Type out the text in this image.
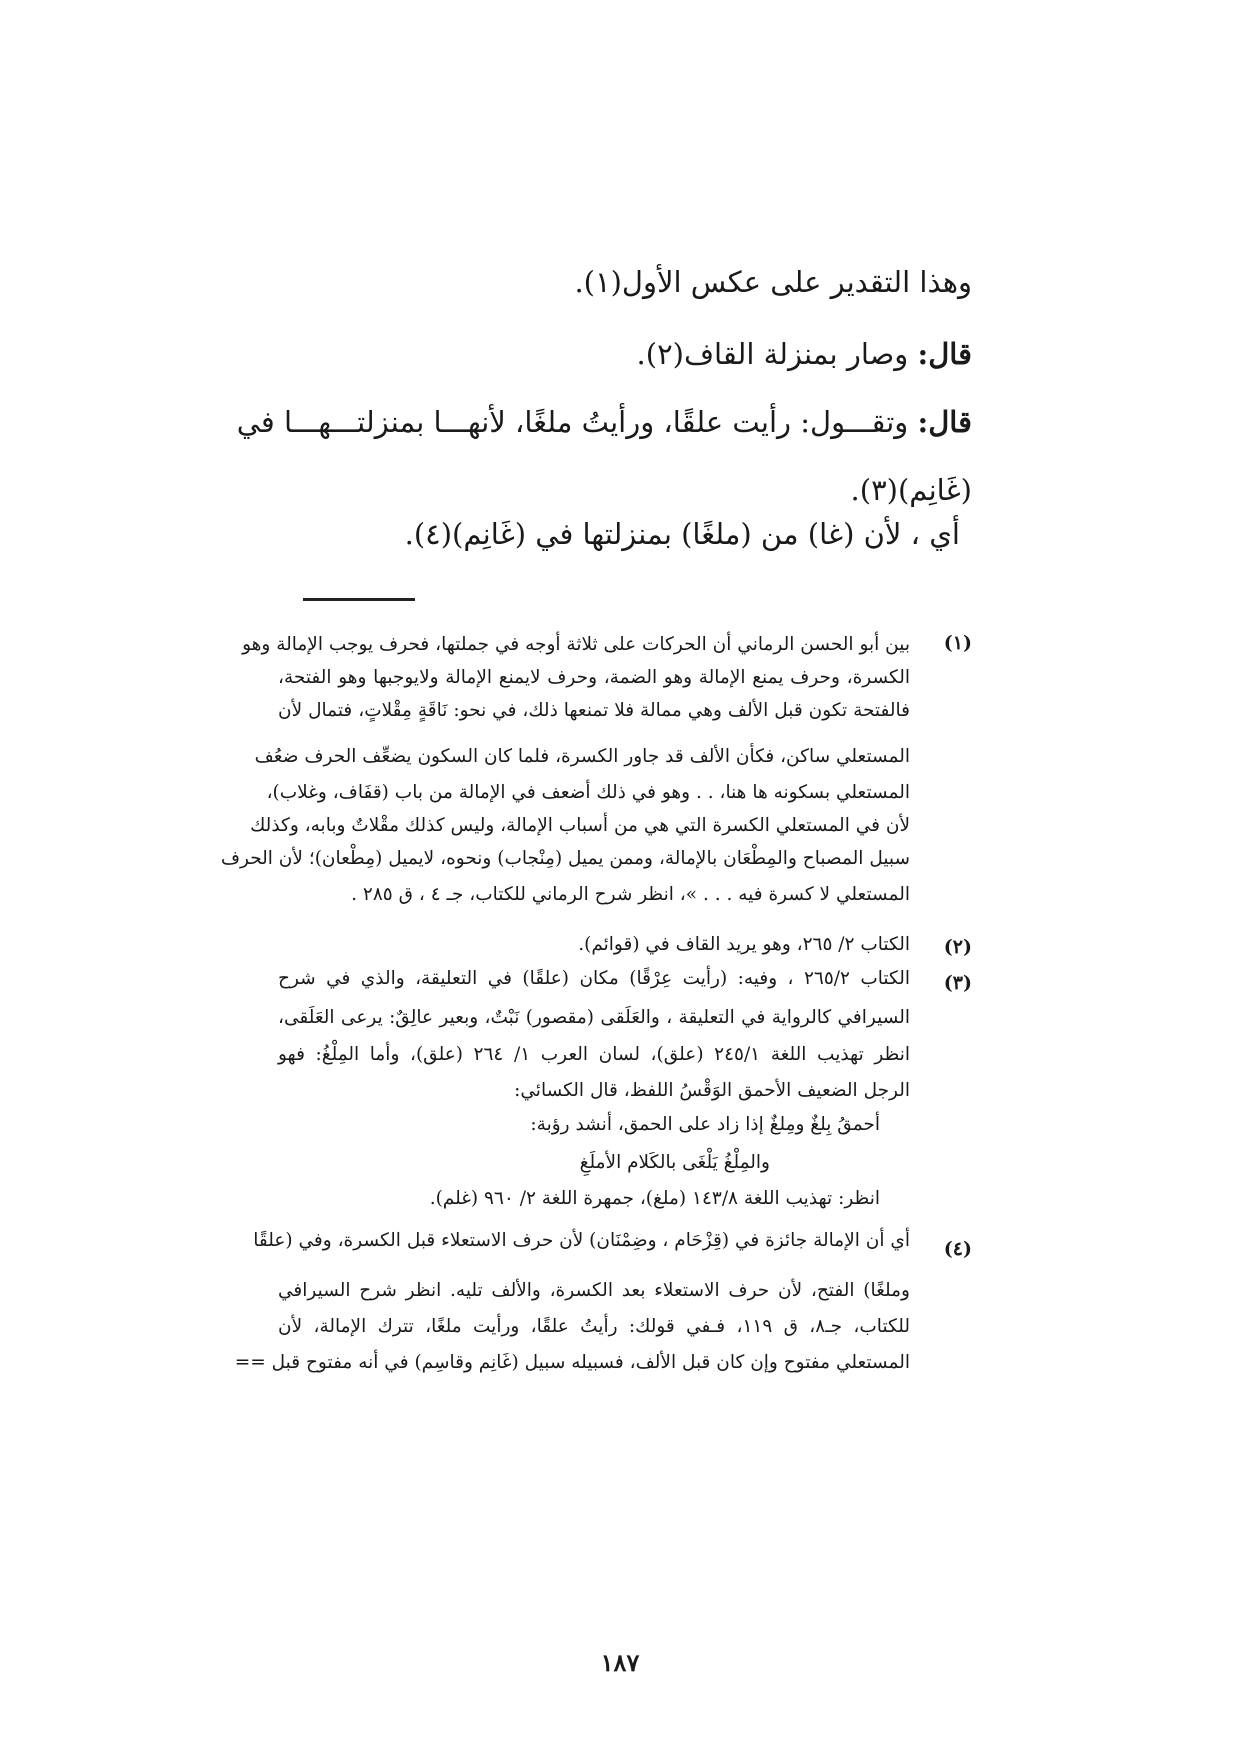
وهذا التقدير على عكس الأول(١).
قال: وصار بمنزلة القاف(٢).
قال: وتقـــول: رأيت علقًا، ورأيتُ ملغًا، لأنهـــا بمنزلتـــهـــا في
(غَانِم)(٣).
أي ، لأن (غا) من (ملغًا) بمنزلتها في (غَانِم)(٤).
(١)
بين أبو الحسن الرماني أن الحركات على ثلاثة أوجه في جملتها، فحرف يوجب الإمالة وهو
الكسرة، وحرف يمنع الإمالة وهو الضمة، وحرف لايمنع الإمالة ولايوجبها وهو الفتحة،
فالفتحة تكون قبل الألف وهي ممالة فلا تمنعها ذلك، في نحو: نَاقَةٍ مِقْلاتٍ، فتمال لأن
المستعلي ساكن، فكأن الألف قد جاور الكسرة، فلما كان السكون يضعِّف الحرف ضعُف
المستعلي بسكونه ها هنا، . . وهو في ذلك أضعف في الإمالة من باب (قفَاف، وغلاب)،
لأن في المستعلي الكسرة التي هي من أسباب الإمالة، وليس كذلك مقْلاتٌ وبابه، وكذلك
سبيل المصباح والمِطْعَان بالإمالة، وممن يميل (مِنْجاب) ونحوه، لايميل (مِطْعان)؛ لأن الحرف
المستعلي لا كسرة فيه . . . »، انظر شرح الرماني للكتاب، جـ ٤ ، ق ٢٨٥ .
(٢)
الكتاب ٢/ ٢٦٥، وهو يريد القاف في (قوائم).
(٣)
الكتاب ٢٦٥/٢ ، وفيه: (رأيت عِرْقًا) مكان (علقًا) في التعليقة، والذي في شرح
السيرافي كالرواية في التعليقة ، والعَلَقى (مقصور) نَبْتٌ، وبعير عالِقٌ: يرعى العَلَقى،
انظر تهذيب اللغة ٢٤٥/١ (علق)، لسان العرب ١/ ٢٦٤ (علق)، وأما المِلْغُ: فهو
الرجل الضعيف الأحمق الوَقْسُ اللفظ، قال الكسائي:
أحمقُ بِلغٌ ومِلغٌ إذا زاد على الحمق، أنشد رؤبة:
والمِلْغُ يَلْغَى بالكَلام الأملَغِ
انظر: تهذيب اللغة ١٤٣/٨ (ملغ)، جمهرة اللغة ٢/ ٩٦٠ (غلم).
(٤)
أي أن الإمالة جائزة في (قِزْحَام ، وضِمْنَان) لأن حرف الاستعلاء قبل الكسرة، وفي (علقًا
وملغًا) الفتح، لأن حرف الاستعلاء بعد الكسرة، والألف تليه. انظر شرح السيرافي
للكتاب، جـ٨، ق ١١٩، فـفي قولك: رأيتُ علقًا، ورأيت ملغًا، تترك الإمالة، لأن
المستعلي مفتوح وإن كان قبل الألف، فسبيله سبيل (غَانِم وقاسِم) في أنه مفتوح قبل ==
١٨٧
